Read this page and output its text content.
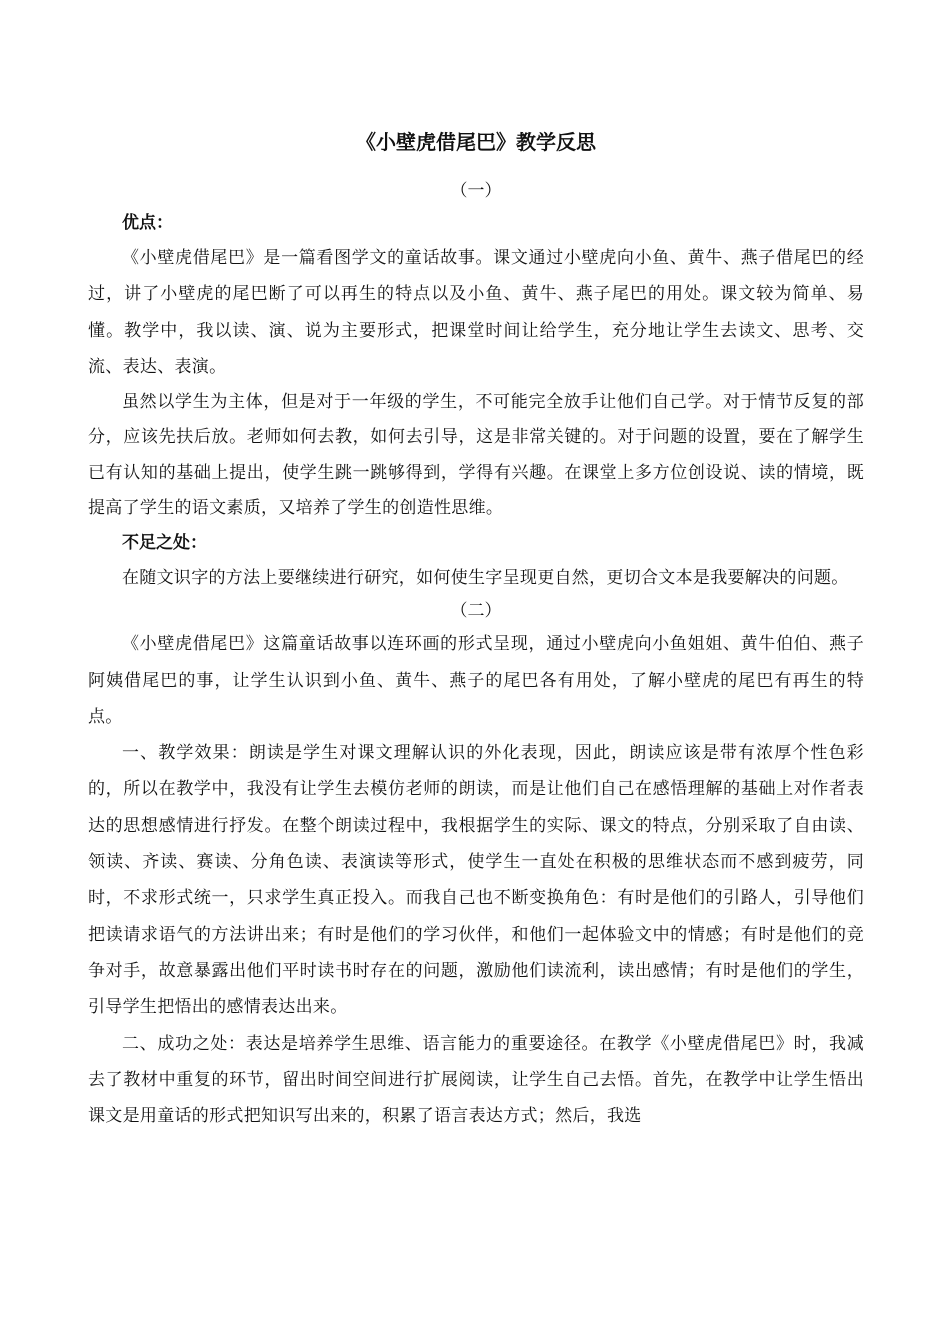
《小壁虎借尾巴》教学反思

（一）

优点：

《小壁虎借尾巴》是一篇看图学文的童话故事。课文通过小壁虎向小鱼、黄牛、燕子借尾巴的经过，讲了小壁虎的尾巴断了可以再生的特点以及小鱼、黄牛、燕子尾巴的用处。课文较为简单、易懂。教学中，我以读、演、说为主要形式，把课堂时间让给学生，充分地让学生去读文、思考、交流、表达、表演。

虽然以学生为主体，但是对于一年级的学生，不可能完全放手让他们自己学。对于情节反复的部分，应该先扶后放。老师如何去教，如何去引导，这是非常关键的。对于问题的设置，要在了解学生已有认知的基础上提出，使学生跳一跳够得到，学得有兴趣。在课堂上多方位创设说、读的情境，既提高了学生的语文素质，又培养了学生的创造性思维。

不足之处：

在随文识字的方法上要继续进行研究，如何使生字呈现更自然，更切合文本是我要解决的问题。

（二）

《小壁虎借尾巴》这篇童话故事以连环画的形式呈现，通过小壁虎向小鱼姐姐、黄牛伯伯、燕子阿姨借尾巴的事，让学生认识到小鱼、黄牛、燕子的尾巴各有用处，了解小壁虎的尾巴有再生的特点。

一、教学效果：朗读是学生对课文理解认识的外化表现，因此，朗读应该是带有浓厚个性色彩的，所以在教学中，我没有让学生去模仿老师的朗读，而是让他们自己在感悟理解的基础上对作者表达的思想感情进行抒发。在整个朗读过程中，我根据学生的实际、课文的特点，分别采取了自由读、领读、齐读、赛读、分角色读、表演读等形式，使学生一直处在积极的思维状态而不感到疲劳，同时，不求形式统一，只求学生真正投入。而我自己也不断变换角色：有时是他们的引路人，引导他们把读请求语气的方法讲出来；有时是他们的学习伙伴，和他们一起体验文中的情感；有时是他们的竞争对手，故意暴露出他们平时读书时存在的问题，激励他们读流利，读出感情；有时是他们的学生，引导学生把悟出的感情表达出来。

二、成功之处：表达是培养学生思维、语言能力的重要途径。在教学《小壁虎借尾巴》时，我减去了教材中重复的环节，留出时间空间进行扩展阅读，让学生自己去悟。首先，在教学中让学生悟出课文是用童话的形式把知识写出来的，积累了语言表达方式；然后，我选
